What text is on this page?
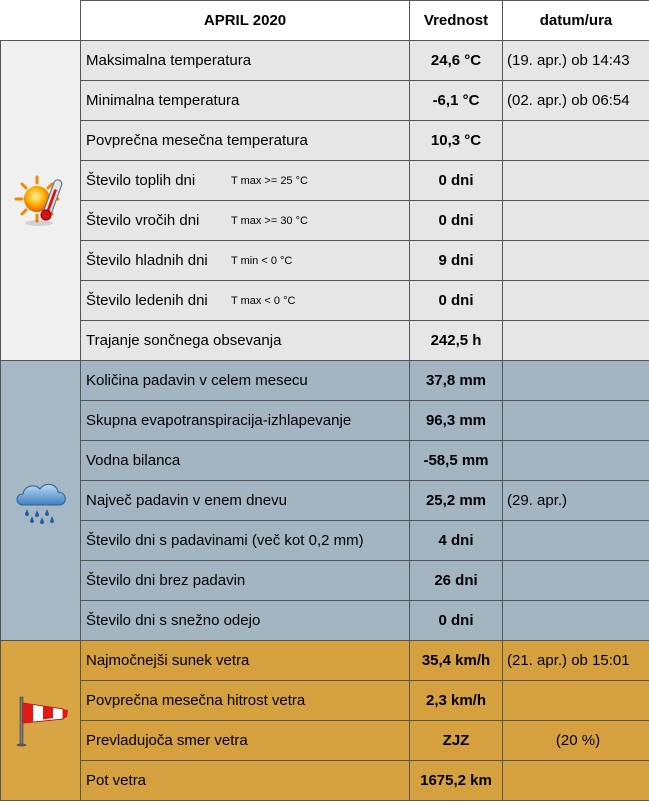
	APRIL 2020	Vrednost	datum/ura

	Maksimalna temperatura	24,6 °C	(19. apr.) ob 14:43
	Minimalna temperatura	-6,1 °C	(02. apr.) ob 06:54
	Povprečna mesečna temperatura	10,3 °C	
	Število toplih dni T max >= 25 °C	0 dni	
	Število vročih dni T max >= 30 °C	0 dni	
	Število hladnih dni T min < 0 °C	9 dni	
	Število ledenih dni T max < 0 °C	0 dni	
	Trajanje sončnega obsevanja	242,5 h	

	Količina padavin v celem mesecu	37,8 mm	
	Skupna evapotranspiracija-izhlapevanje	96,3 mm	
	Vodna bilanca	-58,5 mm	
	Največ padavin v enem dnevu	25,2 mm	(29. apr.)
	Število dni s padavinami (več kot 0,2 mm)	4 dni	
	Število dni brez padavin	26 dni	
	Število dni s snežno odejo	0 dni	

	Najmočnejši sunek vetra	35,4 km/h	(21. apr.) ob 15:01
	Povprečna mesečna hitrost vetra	2,3 km/h	
	Prevladujoča smer vetra	ZJZ	(20 %)
	Pot vetra	1675,2 km	
